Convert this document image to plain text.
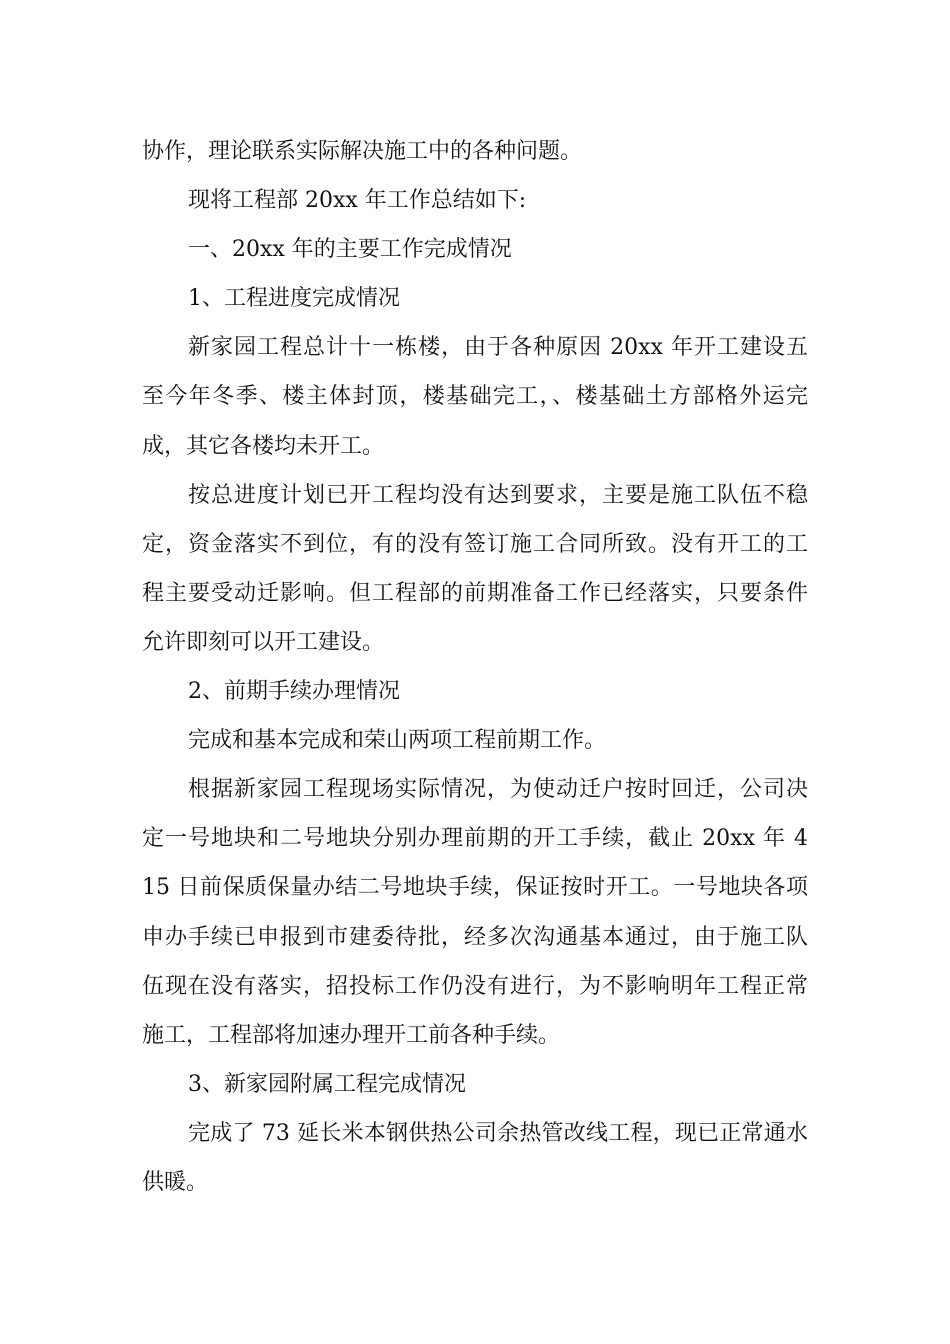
协作，理论联系实际解决施工中的各种问题。
现将工程部 20xx 年工作总结如下:
一、20xx 年的主要工作完成情况
1、工程进度完成情况
新家园工程总计十一栋楼，由于各种原因 20xx 年开工建设五
至今年冬季、楼主体封顶，楼基础完工，、楼基础土方部格外运完
成，其它各楼均未开工。
按总进度计划已开工程均没有达到要求，主要是施工队伍不稳
定，资金落实不到位，有的没有签订施工合同所致。没有开工的工
程主要受动迁影响。但工程部的前期准备工作已经落实，只要条件
允许即刻可以开工建设。
2、前期手续办理情况
完成和基本完成和荣山两项工程前期工作。
根据新家园工程现场实际情况，为使动迁户按时回迁，公司决
定一号地块和二号地块分别办理前期的开工手续，截止 20xx 年 4
15 日前保质保量办结二号地块手续，保证按时开工。一号地块各项
申办手续已申报到市建委待批，经多次沟通基本通过，由于施工队
伍现在没有落实，招投标工作仍没有进行，为不影响明年工程正常
施工，工程部将加速办理开工前各种手续。
3、新家园附属工程完成情况
完成了 73 延长米本钢供热公司余热管改线工程，现已正常通水
供暖。
